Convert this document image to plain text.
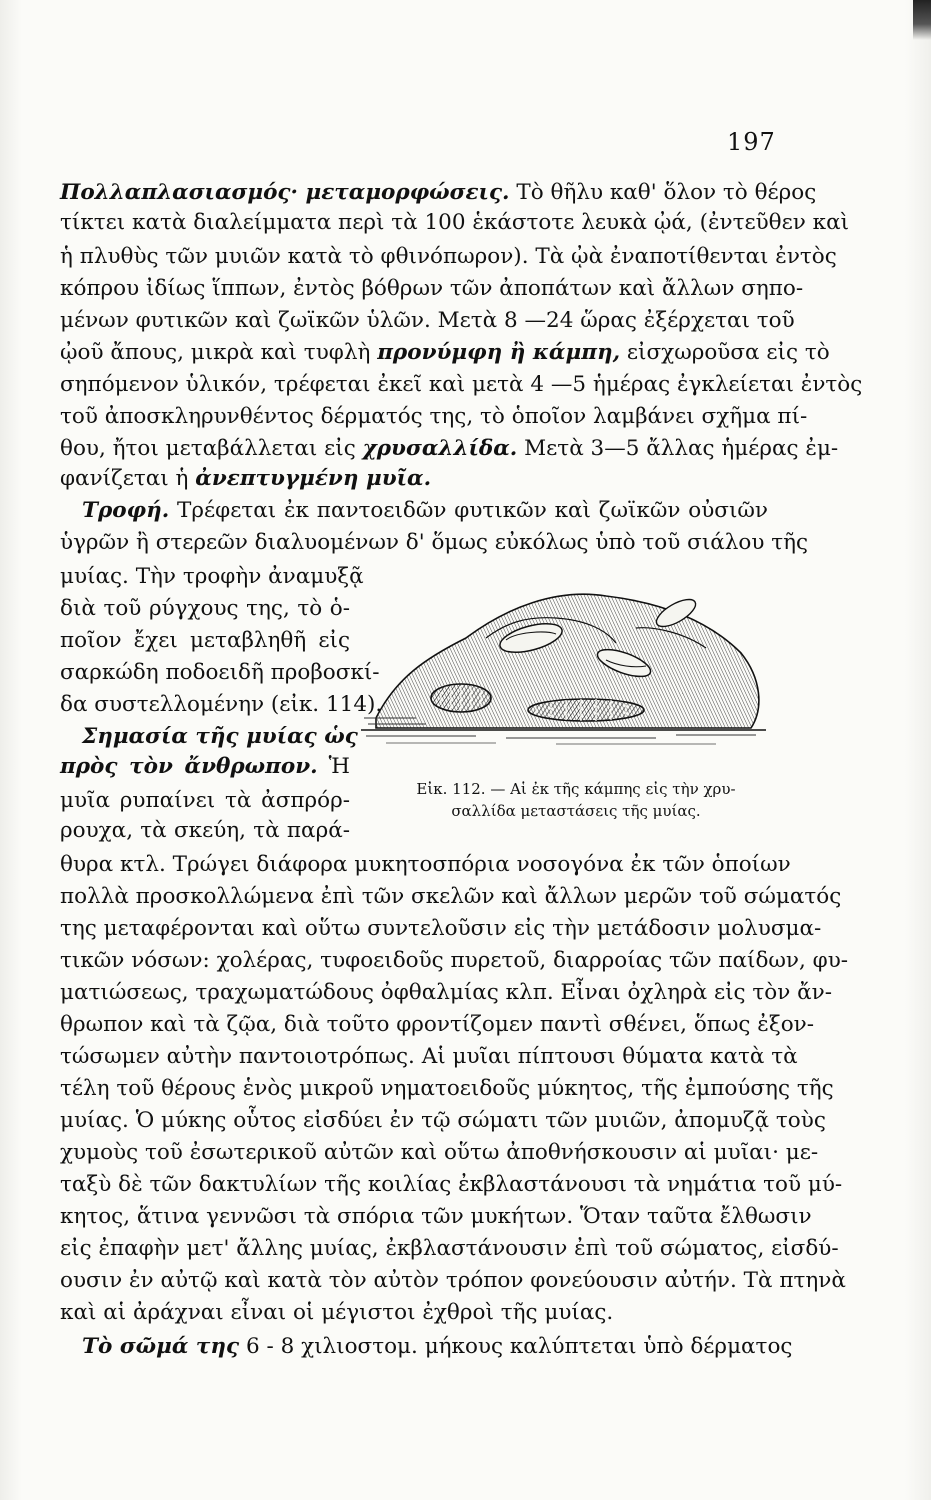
197
Πολλαπλασιασμός· μεταμορφώσεις. Τὸ θῆλυ καθ' ὅλον τὸ θέρος
τίκτει κατὰ διαλείμματα περὶ τὰ 100 ἑκάστοτε λευκὰ ᾠά, (ἐντεῦθεν καὶ
ἡ πλυθὺς τῶν μυιῶν κατὰ τὸ φθινόπωρον). Τὰ ᾠὰ ἐναποτίθενται ἐντὸς
κόπρου ἰδίως ἵππων, ἐντὸς βόθρων τῶν ἀποπάτων καὶ ἄλλων σηπο-
μένων φυτικῶν καὶ ζωϊκῶν ὑλῶν. Μετὰ 8 —24 ὥρας ἐξέρχεται τοῦ
ᾠοῦ ἄπους, μικρὰ καὶ τυφλὴ προνύμφη ἢ κάμπη, εἰσχωροῦσα εἰς τὸ
σηπόμενον ὑλικόν, τρέφεται ἐκεῖ καὶ μετὰ 4 —5 ἡμέρας ἐγκλείεται ἐντὸς
τοῦ ἀποσκληρυνθέντος δέρματός της, τὸ ὁποῖον λαμβάνει σχῆμα πί-
θου, ἤτοι μεταβάλλεται εἰς χρυσαλλίδα. Μετὰ 3—5 ἄλλας ἡμέρας ἐμ-
φανίζεται ἡ ἀνεπτυγμένη μυῖα.
Τροφή. Τρέφεται ἐκ παντοειδῶν φυτικῶν καὶ ζωϊκῶν οὐσιῶν
ὑγρῶν ἢ στερεῶν διαλυομένων δ' ὅμως εὐκόλως ὑπὸ τοῦ σιάλου τῆς
μυίας. Τὴν τροφὴν ἀναμυξᾷ
διὰ τοῦ ρύγχους της, τὸ ὁ-
ποῖον ἔχει μεταβληθῆ εἰς
σαρκώδη ποδοειδῆ προβοσκί-
δα συστελλομένην (εἰκ. 114).
Σημασία τῆς μυίας ὡς
πρὸς τὸν ἄνθρωπον. Ἡ
μυῖα ρυπαίνει τὰ ἀσπρόρ-
ρουχα, τὰ σκεύη, τὰ παρά-
θυρα κτλ. Τρώγει διάφορα μυκητοσπόρια νοσογόνα ἐκ τῶν ὁποίων
πολλὰ προσκολλώμενα ἐπὶ τῶν σκελῶν καὶ ἄλλων μερῶν τοῦ σώματός
της μεταφέρονται καὶ οὕτω συντελοῦσιν εἰς τὴν μετάδοσιν μολυσμα-
τικῶν νόσων: χολέρας, τυφοειδοῦς πυρετοῦ, διαρροίας τῶν παίδων, φυ-
ματιώσεως, τραχωματώδους ὀφθαλμίας κλπ. Εἶναι ὀχληρὰ εἰς τὸν ἄν-
θρωπον καὶ τὰ ζῷα, διὰ τοῦτο φροντίζομεν παντὶ σθένει, ὅπως ἐξον-
τώσωμεν αὐτὴν παντοιοτρόπως. Αἱ μυῖαι πίπτουσι θύματα κατὰ τὰ
τέλη τοῦ θέρους ἑνὸς μικροῦ νηματοειδοῦς μύκητος, τῆς ἐμπούσης τῆς
μυίας. Ὁ μύκης οὗτος εἰσδύει ἐν τῷ σώματι τῶν μυιῶν, ἀπομυζᾷ τοὺς
χυμοὺς τοῦ ἐσωτερικοῦ αὐτῶν καὶ οὕτω ἀποθνήσκουσιν αἱ μυῖαι· με-
ταξὺ δὲ τῶν δακτυλίων τῆς κοιλίας ἐκβλαστάνουσι τὰ νημάτια τοῦ μύ-
κητος, ἅτινα γεννῶσι τὰ σπόρια τῶν μυκήτων. Ὅταν ταῦτα ἔλθωσιν
εἰς ἐπαφὴν μετ' ἄλλης μυίας, ἐκβλαστάνουσιν ἐπὶ τοῦ σώματος, εἰσδύ-
ουσιν ἐν αὐτῷ καὶ κατὰ τὸν αὐτὸν τρόπον φονεύουσιν αὐτήν. Τὰ πτηνὰ
καὶ αἱ ἀράχναι εἶναι οἱ μέγιστοι ἐχθροὶ τῆς μυίας.
Τὸ σῶμά της 6 - 8 χιλιοστομ. μήκους καλύπτεται ὑπὸ δέρματος
Εἰκ. 112. — Αἱ ἐκ τῆς κάμπης εἰς τὴν χρυ-
σαλλίδα μεταστάσεις τῆς μυίας.
